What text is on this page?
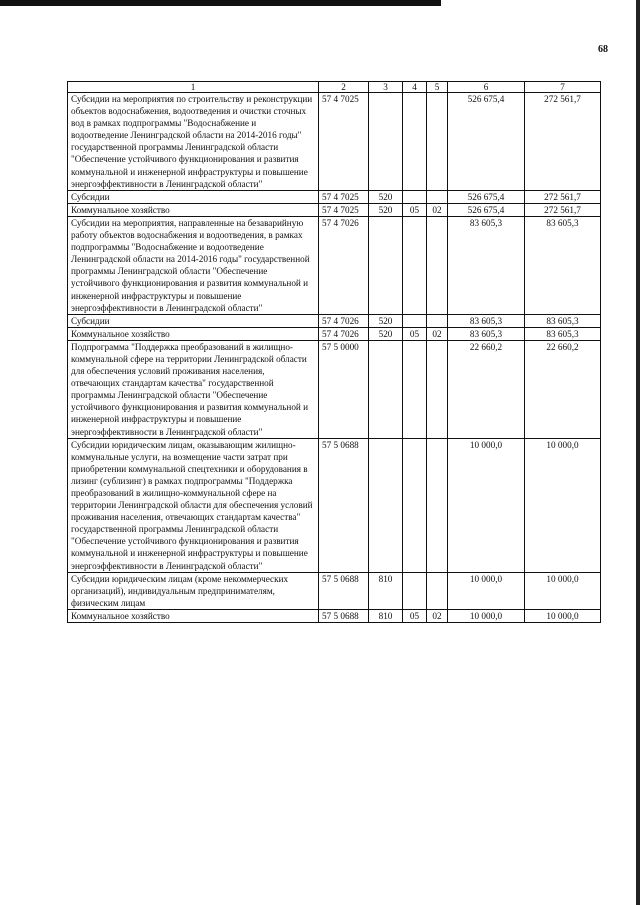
68
1	2	3	4	5	6	7
Субсидии на мероприятия по строительству и реконструкции объектов водоснабжения, водоотведения и очистки сточных вод в рамках подпрограммы "Водоснабжение и водоотведение Ленинградской области на 2014-2016 годы" государственной программы Ленинградской области "Обеспечение устойчивого функционирования и развития коммунальной и инженерной инфраструктуры и повышение энергоэффективности в Ленинградской области"	57 4 7025				526 675,4	272 561,7
Субсидии	57 4 7025	520			526 675,4	272 561,7
Коммунальное хозяйство	57 4 7025	520	05	02	526 675,4	272 561,7
Субсидии на мероприятия, направленные на безаварийную работу объектов водоснабжения и водоотведения, в рамках подпрограммы "Водоснабжение и водоотведение Ленинградской области на 2014-2016 годы" государственной программы Ленинградской области "Обеспечение устойчивого функционирования и развития коммунальной и инженерной инфраструктуры и повышение энергоэффективности в Ленинградской области"	57 4 7026				83 605,3	83 605,3
Субсидии	57 4 7026	520			83 605,3	83 605,3
Коммунальное хозяйство	57 4 7026	520	05	02	83 605,3	83 605,3
Подпрограмма "Поддержка преобразований в жилищно-коммунальной сфере на территории Ленинградской области для обеспечения условий проживания населения, отвечающих стандартам качества" государственной программы Ленинградской области "Обеспечение устойчивого функционирования и развития коммунальной и инженерной инфраструктуры и повышение энергоэффективности в Ленинградской области"	57 5 0000				22 660,2	22 660,2
Субсидии юридическим лицам, оказывающим жилищно-коммунальные услуги, на возмещение части затрат при приобретении коммунальной спецтехники и оборудования в лизинг (сублизинг) в рамках подпрограммы "Поддержка преобразований в жилищно-коммунальной сфере на территории Ленинградской области для обеспечения условий проживания населения, отвечающих стандартам качества" государственной программы Ленинградской области "Обеспечение устойчивого функционирования и развития коммунальной и инженерной инфраструктуры и повышение энергоэффективности в Ленинградской области"	57 5 0688				10 000,0	10 000,0
Субсидии юридическим лицам (кроме некоммерческих организаций), индивидуальным предпринимателям, физическим лицам	57 5 0688	810			10 000,0	10 000,0
Коммунальное хозяйство	57 5 0688	810	05	02	10 000,0	10 000,0
